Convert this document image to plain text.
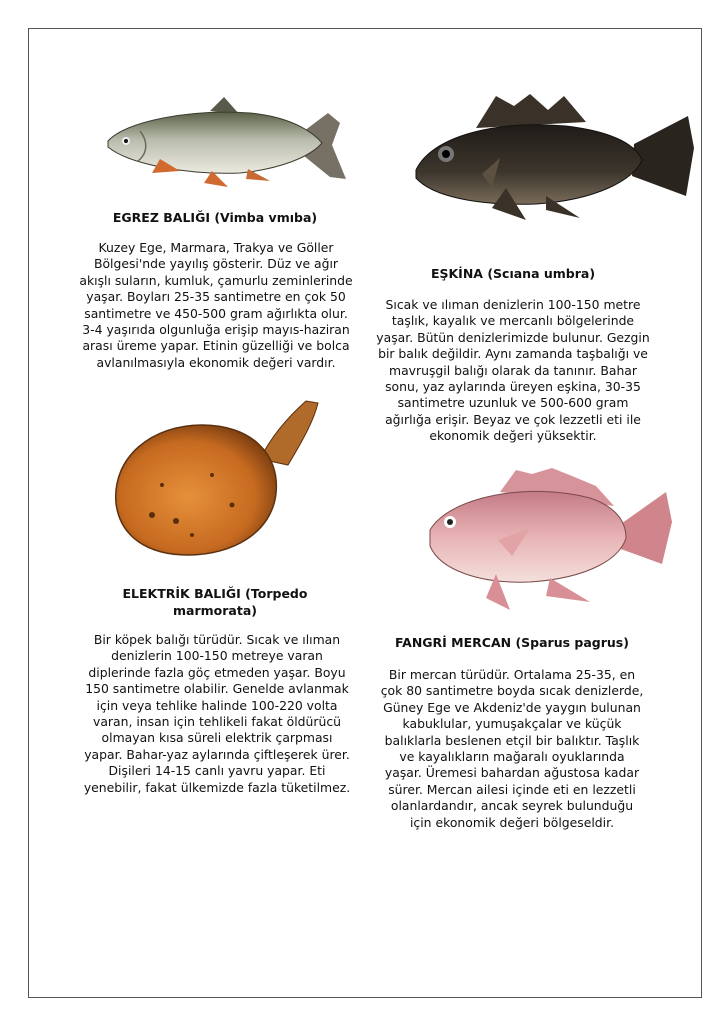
EGREZ BALIĞI (Vimba vmıba)
Kuzey Ege, Marmara, Trakya ve Göller Bölgesi'nde yayılış gösterir. Düz ve ağır akışlı suların, kumluk, çamurlu zeminlerinde yaşar. Boyları 25-35 santimetre en çok 50 santimetre ve 450-500 gram ağırlıkta olur. 3-4 yaşırıda olgunluğa erişip mayıs-haziran arası üreme yapar. Etinin güzelliği ve bolca avlanılmasıyla ekonomik değeri vardır.
EŞKİNA (Scıana umbra)
Sıcak ve ılıman denizlerin 100-150 metre taşlık, kayalık ve mercanlı bölgelerinde yaşar. Bütün denizlerimizde bulunur. Gezgin bir balık değildir. Aynı zamanda taşbalığı ve mavruşgil balığı olarak da tanınır. Bahar sonu, yaz aylarında üreyen eşkina, 30-35 santimetre uzunluk ve 500-600 gram ağırlığa erişir. Beyaz ve çok lezzetli eti ile ekonomik değeri yüksektir.
ELEKTRİK BALIĞI (Torpedo marmorata)
Bir köpek balığı türüdür. Sıcak ve ılıman denizlerin 100-150 metreye varan diplerinde fazla göç etmeden yaşar. Boyu 150 santimetre olabilir. Genelde avlanmak için veya tehlike halinde 100-220 volta varan, insan için tehlikeli fakat öldürücü olmayan kısa süreli elektrik çarpması yapar. Bahar-yaz aylarında çiftleşerek ürer. Dişileri 14-15 canlı yavru yapar. Eti yenebilir, fakat ülkemizde fazla tüketilmez.
FANGRİ MERCAN (Sparus pagrus)
Bir mercan türüdür. Ortalama 25-35, en çok 80 santimetre boyda sıcak denizlerde, Güney Ege ve Akdeniz'de yaygın bulunan kabuklular, yumuşakçalar ve küçük balıklarla beslenen etçil bir balıktır. Taşlık ve kayalıkların mağaralı oyuklarında yaşar. Üremesi bahardan ağustosa kadar sürer. Mercan ailesi içinde eti en lezzetli olanlardandır, ancak seyrek bulunduğu için ekonomik değeri bölgeseldir.
